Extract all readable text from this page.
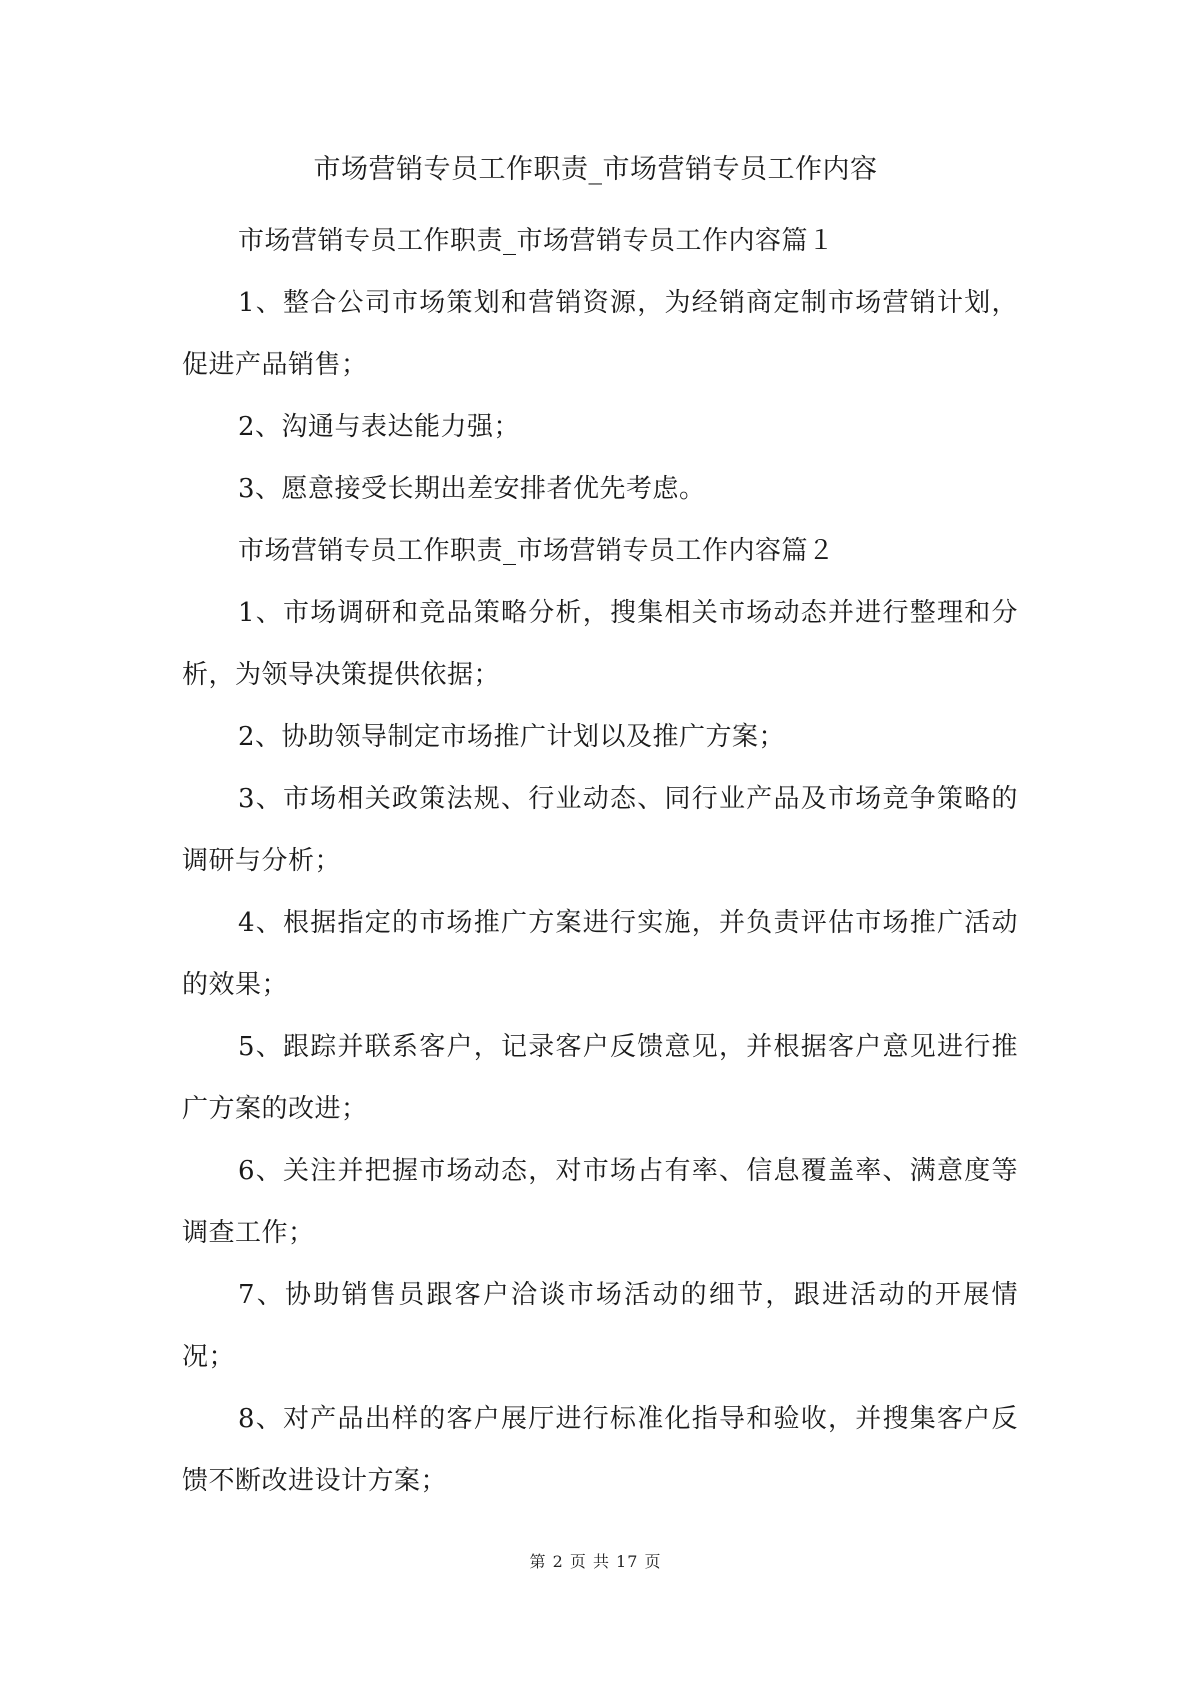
市场营销专员工作职责_市场营销专员工作内容

市场营销专员工作职责_市场营销专员工作内容篇１

1、整合公司市场策划和营销资源，为经销商定制市场营销计划，促进产品销售；

2、沟通与表达能力强；

3、愿意接受长期出差安排者优先考虑。

市场营销专员工作职责_市场营销专员工作内容篇２

1、市场调研和竞品策略分析，搜集相关市场动态并进行整理和分析，为领导决策提供依据；

2、协助领导制定市场推广计划以及推广方案；

3、市场相关政策法规、行业动态、同行业产品及市场竞争策略的调研与分析；

4、根据指定的市场推广方案进行实施，并负责评估市场推广活动的效果；

5、跟踪并联系客户，记录客户反馈意见，并根据客户意见进行推广方案的改进；

6、关注并把握市场动态，对市场占有率、信息覆盖率、满意度等调查工作；

7、协助销售员跟客户洽谈市场活动的细节，跟进活动的开展情况；

8、对产品出样的客户展厅进行标准化指导和验收，并搜集客户反馈不断改进设计方案；

第 2 页 共 17 页
